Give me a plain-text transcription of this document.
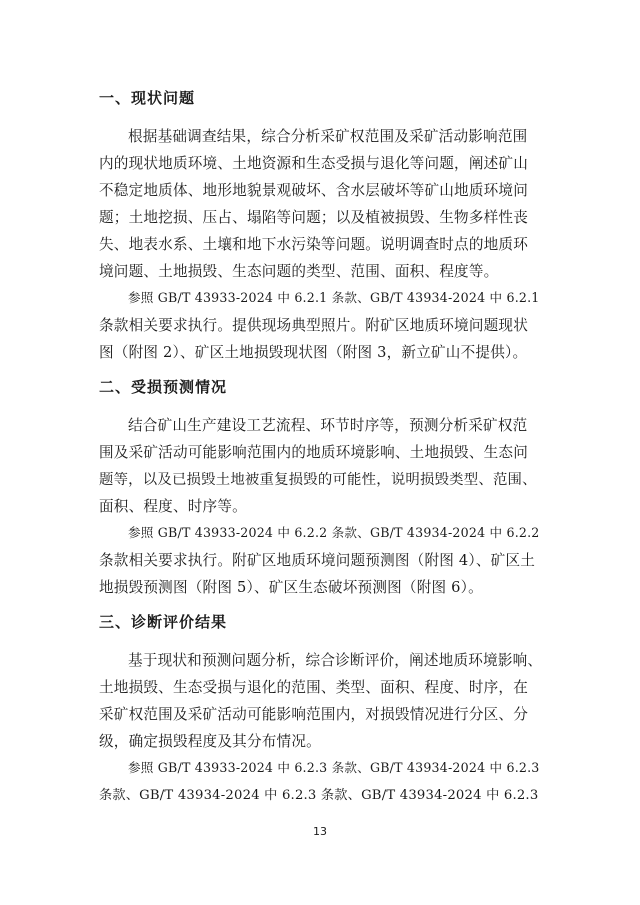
一、现状问题
根据基础调查结果，综合分析采矿权范围及采矿活动影响范围
内的现状地质环境、土地资源和生态受损与退化等问题，阐述矿山
不稳定地质体、地形地貌景观破坏、含水层破坏等矿山地质环境问
题；土地挖损、压占、塌陷等问题；以及植被损毁、生物多样性丧
失、地表水系、土壤和地下水污染等问题。说明调查时点的地质环
境问题、土地损毁、生态问题的类型、范围、面积、程度等。
参照 GB/T 43933-2024 中 6.2.1 条款、GB/T 43934-2024 中 6.2.1
条款相关要求执行。提供现场典型照片。附矿区地质环境问题现状
图（附图 2）、矿区土地损毁现状图（附图 3，新立矿山不提供）。
二、受损预测情况
结合矿山生产建设工艺流程、环节时序等，预测分析采矿权范
围及采矿活动可能影响范围内的地质环境影响、土地损毁、生态问
题等，以及已损毁土地被重复损毁的可能性，说明损毁类型、范围、
面积、程度、时序等。
参照 GB/T 43933-2024 中 6.2.2 条款、GB/T 43934-2024 中 6.2.2
条款相关要求执行。附矿区地质环境问题预测图（附图 4）、矿区土
地损毁预测图（附图 5）、矿区生态破坏预测图（附图 6）。
三、诊断评价结果
基于现状和预测问题分析，综合诊断评价，阐述地质环境影响、
土地损毁、生态受损与退化的范围、类型、面积、程度、时序，在
采矿权范围及采矿活动可能影响范围内，对损毁情况进行分区、分
级，确定损毁程度及其分布情况。
参照 GB/T 43933-2024 中 6.2.3 条款、GB/T 43934-2024 中 6.2.3
条款、GB/T 43934-2024 中 6.2.3 条款、GB/T 43934-2024 中 6.2.3
13
